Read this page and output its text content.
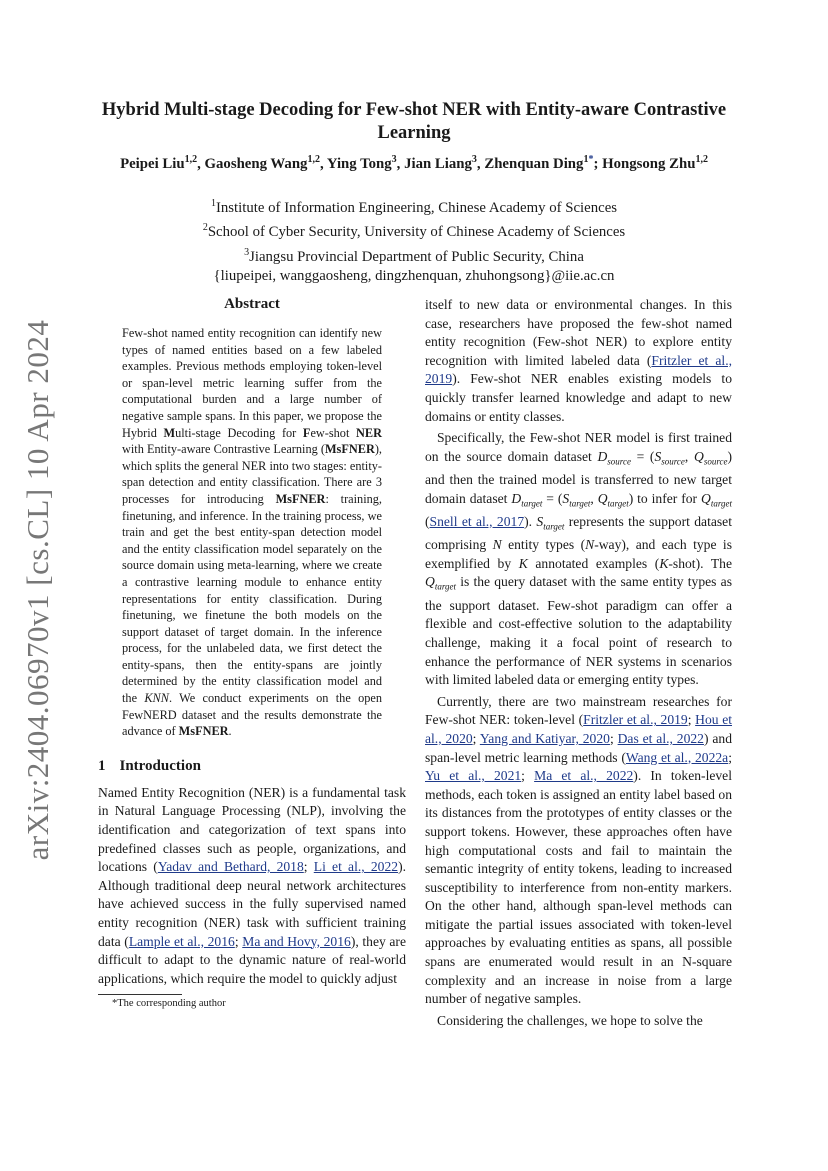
arXiv:2404.06970v1 [cs.CL] 10 Apr 2024
Hybrid Multi-stage Decoding for Few-shot NER with Entity-aware Contrastive Learning
Peipei Liu$^{1,2}$, Gaosheng Wang$^{1,2}$, Ying Tong$^3$, Jian Liang$^3$, Zhenquan Ding$^{1*}$; Hongsong Zhu$^{1,2}$
$^1$Institute of Information Engineering, Chinese Academy of Sciences
$^2$School of Cyber Security, University of Chinese Academy of Sciences
$^3$Jiangsu Provincial Department of Public Security, China
{liupeipei, wanggaosheng, dingzhenquan, zhuhongsong}@iie.ac.cn
Abstract
Few-shot named entity recognition can identify new types of named entities based on a few labeled examples. Previous methods employing token-level or span-level metric learning suffer from the computational burden and a large number of negative sample spans. In this paper, we propose the Hybrid Multi-stage Decoding for Few-shot NER with Entity-aware Contrastive Learning (MsFNER), which splits the general NER into two stages: entity-span detection and entity classification. There are 3 processes for introducing MsFNER: training, finetuning, and inference. In the training process, we train and get the best entity-span detection model and the entity classification model separately on the source domain using meta-learning, where we create a contrastive learning module to enhance entity representations for entity classification. During finetuning, we finetune the both models on the support dataset of target domain. In the inference process, for the unlabeled data, we first detect the entity-spans, then the entity-spans are jointly determined by the entity classification model and the KNN. We conduct experiments on the open FewNERD dataset and the results demonstrate the advance of MsFNER.
1 Introduction

Named Entity Recognition (NER) is a fundamental task in Natural Language Processing (NLP), involving the identification and categorization of text spans into predefined classes such as people, organizations, and locations (Yadav and Bethard, 2018; Li et al., 2022). Although traditional deep neural network architectures have achieved success in the fully supervised named entity recognition (NER) task with sufficient training data (Lample et al., 2016; Ma and Hovy, 2016), they are difficult to adapt to the dynamic nature of real-world applications, which require the model to quickly adjust

*The corresponding author

itself to new data or environmental changes. In this case, researchers have proposed the few-shot named entity recognition (Few-shot NER) to explore entity recognition with limited labeled data (Fritzler et al., 2019). Few-shot NER enables existing models to quickly transfer learned knowledge and adapt to new domains or entity classes.

Specifically, the Few-shot NER model is first trained on the source domain dataset $D_{source} = (S_{source}$, $Q_{source}$) and then the trained model is transferred to new target domain dataset $D_{target} = (S_{target}$, $Q_{target}$) to infer for $Q_{target}$ (Snell et al., 2017). $S_{target}$ represents the support dataset comprising N entity types (N-way), and each type is exemplified by K annotated examples (K-shot). The $Q_{target}$ is the query dataset with the same entity types as the support dataset. Few-shot paradigm can offer a flexible and cost-effective solution to the adaptability challenge, making it a focal point of research to enhance the performance of NER systems in scenarios with limited labeled data or emerging entity types.

Currently, there are two mainstream researches for Few-shot NER: token-level (Fritzler et al., 2019; Hou et al., 2020; Yang and Katiyar, 2020; Das et al., 2022) and span-level metric learning methods (Wang et al., 2022a; Yu et al., 2021; Ma et al., 2022). In token-level methods, each token is assigned an entity label based on its distances from the prototypes of entity classes or the support tokens. However, these approaches often have high computational costs and fail to maintain the semantic integrity of entity tokens, leading to increased susceptibility to interference from non-entity markers. On the other hand, although span-level methods can mitigate the partial issues associated with token-level approaches by evaluating entities as spans, all possible spans are enumerated would result in an N-square complexity and an increase in noise from a large number of negative samples.

Considering the challenges, we hope to solve the
